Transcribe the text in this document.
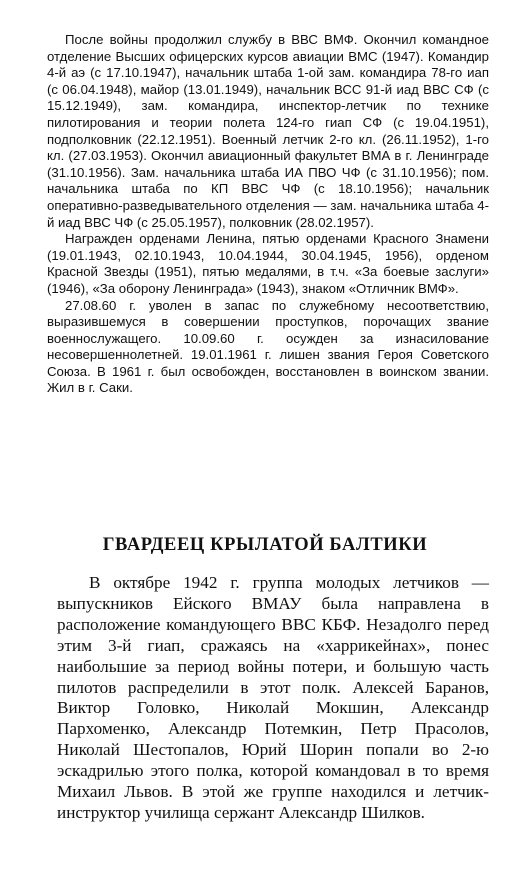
После войны продолжил службу в ВВС ВМФ. Окончил командное отделение Высших офицерских курсов авиации ВМС (1947). Командир 4-й аэ (с 17.10.1947), начальник штаба 1-ой зам. командира 78-го иап (с 06.04.1948), майор (13.01.1949), начальник ВСС 91-й иад ВВС СФ (с 15.12.1949), зам. командира, инспектор-летчик по технике пилотирования и теории полета 124-го гиап СФ (с 19.04.1951), подполковник (22.12.1951). Военный летчик 2-го кл. (26.11.1952), 1-го кл. (27.03.1953). Окончил авиационный факультет ВМА в г. Ленинграде (31.10.1956). Зам. начальника штаба ИА ПВО ЧФ (с 31.10.1956); пом. начальника штаба по КП ВВС ЧФ (с 18.10.1956); начальник оперативно-разведывательного отделения — зам. начальника штаба 4-й иад ВВС ЧФ (с 25.05.1957), полковник (28.02.1957).

Награжден орденами Ленина, пятью орденами Красного Знамени (19.01.1943, 02.10.1943, 10.04.1944, 30.04.1945, 1956), орденом Красной Звезды (1951), пятью медалями, в т.ч. «За боевые заслуги» (1946), «За оборону Ленинграда» (1943), знаком «Отличник ВМФ».

27.08.60 г. уволен в запас по служебному несоответствию, выразившемуся в совершении проступков, порочащих звание военнослужащего. 10.09.60 г. осужден за изнасилование несовершеннолетней. 19.01.1961 г. лишен звания Героя Советского Союза. В 1961 г. был освобожден, восстановлен в воинском звании. Жил в г. Саки.

ГВАРДЕЕЦ КРЫЛАТОЙ БАЛТИКИ

В октябре 1942 г. группа молодых летчиков — выпускников Ейского ВМАУ была направлена в расположение командующего ВВС КБФ. Незадолго перед этим 3-й гиап, сражаясь на «харрикейнах», понес наибольшие за период войны потери, и большую часть пилотов распределили в этот полк. Алексей Баранов, Виктор Головко, Николай Мокшин, Александр Пархоменко, Александр Потемкин, Петр Прасолов, Николай Шестопалов, Юрий Шорин попали во 2-ю эскадрилью этого полка, которой командовал в то время Михаил Львов. В этой же группе находился и летчик-инструктор училища сержант Александр Шилков.
